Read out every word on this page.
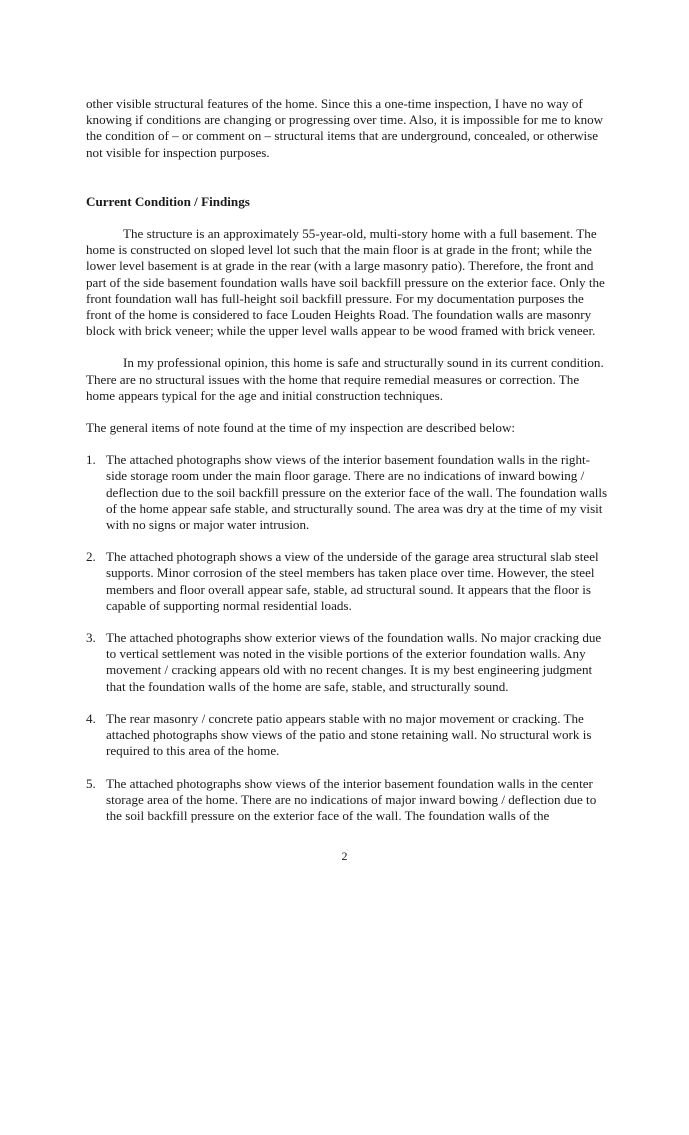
other visible structural features of the home. Since this a one-time inspection, I have no way of knowing if conditions are changing or progressing over time. Also, it is impossible for me to know the condition of – or comment on – structural items that are underground, concealed, or otherwise not visible for inspection purposes.

Current Condition / Findings

The structure is an approximately 55-year-old, multi-story home with a full basement. The home is constructed on sloped level lot such that the main floor is at grade in the front; while the lower level basement is at grade in the rear (with a large masonry patio). Therefore, the front and part of the side basement foundation walls have soil backfill pressure on the exterior face. Only the front foundation wall has full-height soil backfill pressure. For my documentation purposes the front of the home is considered to face Louden Heights Road. The foundation walls are masonry block with brick veneer; while the upper level walls appear to be wood framed with brick veneer.

In my professional opinion, this home is safe and structurally sound in its current condition. There are no structural issues with the home that require remedial measures or correction. The home appears typical for the age and initial construction techniques.

The general items of note found at the time of my inspection are described below:

1. The attached photographs show views of the interior basement foundation walls in the right-side storage room under the main floor garage. There are no indications of inward bowing / deflection due to the soil backfill pressure on the exterior face of the wall. The foundation walls of the home appear safe stable, and structurally sound. The area was dry at the time of my visit with no signs or major water intrusion.
2. The attached photograph shows a view of the underside of the garage area structural slab steel supports. Minor corrosion of the steel members has taken place over time. However, the steel members and floor overall appear safe, stable, ad structural sound. It appears that the floor is capable of supporting normal residential loads.
3. The attached photographs show exterior views of the foundation walls. No major cracking due to vertical settlement was noted in the visible portions of the exterior foundation walls. Any movement / cracking appears old with no recent changes. It is my best engineering judgment that the foundation walls of the home are safe, stable, and structurally sound.
4. The rear masonry / concrete patio appears stable with no major movement or cracking. The attached photographs show views of the patio and stone retaining wall. No structural work is required to this area of the home.
5. The attached photographs show views of the interior basement foundation walls in the center storage area of the home. There are no indications of major inward bowing / deflection due to the soil backfill pressure on the exterior face of the wall. The foundation walls of the
2
